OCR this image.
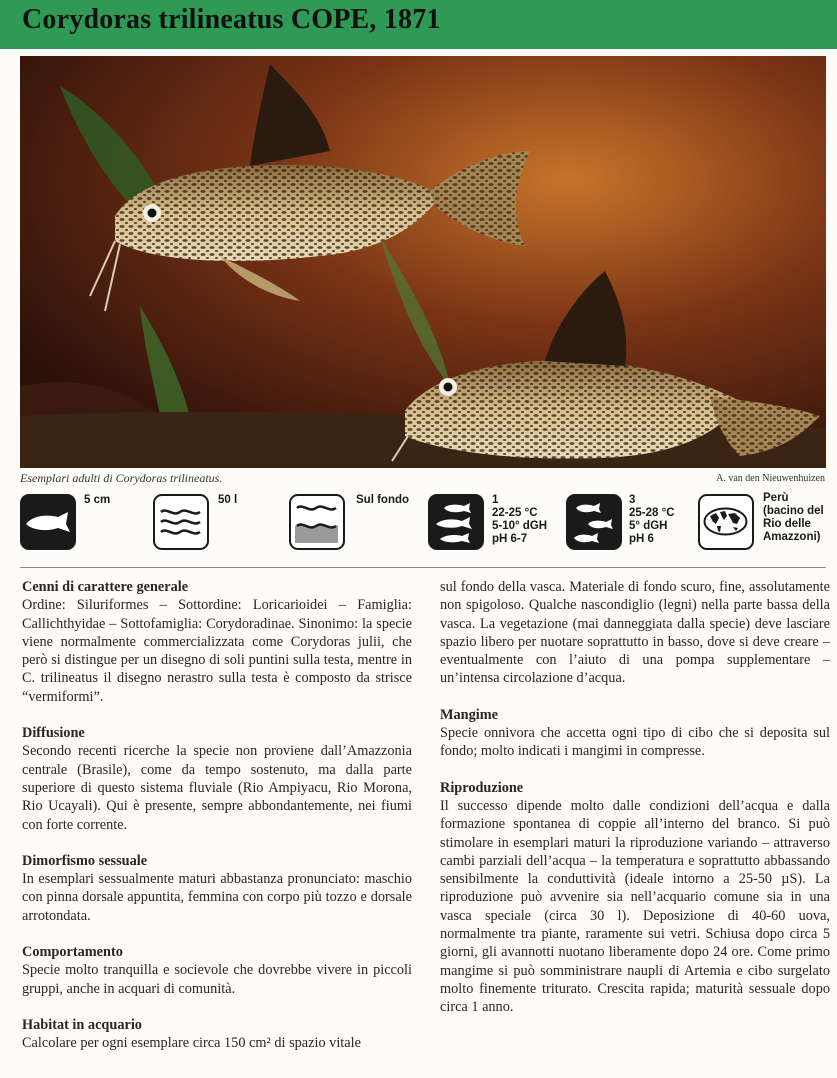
Corydoras trilineatus COPE, 1871
Esemplari adulti di Corydoras trilineatus.	A. van den Nieuwenhuizen
5 cm	50 l	Sul fondo	1
22-25 °C
5-10° dGH
pH 6-7
3
25-28 °C
5° dGH
pH 6
Perù
(bacino del
Rio delle
Amazzoni)
Cenni di carattere generale

Ordine: Siluriformes – Sottordine: Loricarioidei – Famiglia: Callichthyidae – Sottofamiglia: Corydoradinae. Sinonimo: la specie viene normalmente commercializzata come Corydoras julii, che però si distingue per un disegno di soli puntini sulla testa, mentre in C. trilineatus il disegno nerastro sulla testa è composto da strisce “vermiformi”.

Diffusione

Secondo recenti ricerche la specie non proviene dall’Amazzonia centrale (Brasile), come da tempo sostenuto, ma dalla parte superiore di questo sistema fluviale (Rio Ampiyacu, Rio Morona, Rio Ucayali). Qui è presente, sempre abbondantemente, nei fiumi con forte corrente.

Dimorfismo sessuale

In esemplari sessualmente maturi abbastanza pronunciato: maschio con pinna dorsale appuntita, femmina con corpo più tozzo e dorsale arrotondata.

Comportamento

Specie molto tranquilla e socievole che dovrebbe vivere in piccoli gruppi, anche in acquari di comunità.

Habitat in acquario

Calcolare per ogni esemplare circa 150 cm² di spazio vitale

sul fondo della vasca. Materiale di fondo scuro, fine, assolutamente non spigoloso. Qualche nascondiglio (legni) nella parte bassa della vasca. La vegetazione (mai danneggiata dalla specie) deve lasciare spazio libero per nuotare soprattutto in basso, dove si deve creare – eventualmente con l’aiuto di una pompa supplementare – un’intensa circolazione d’acqua.

Mangime

Specie onnivora che accetta ogni tipo di cibo che si deposita sul fondo; molto indicati i mangimi in compresse.

Riproduzione

Il successo dipende molto dalle condizioni dell’acqua e dalla formazione spontanea di coppie all’interno del branco. Si può stimolare in esemplari maturi la riproduzione variando – attraverso cambi parziali dell’acqua – la temperatura e soprattutto abbassando sensibilmente la conduttività (ideale intorno a 25-50 µS). La riproduzione può avvenire sia nell’acquario comune sia in una vasca speciale (circa 30 l). Deposizione di 40-60 uova, normalmente tra piante, raramente sui vetri. Schiusa dopo circa 5 giorni, gli avannotti nuotano liberamente dopo 24 ore. Come primo mangime si può somministrare naupli di Artemia e cibo surgelato molto finemente triturato. Crescita rapida; maturità sessuale dopo circa 1 anno.
